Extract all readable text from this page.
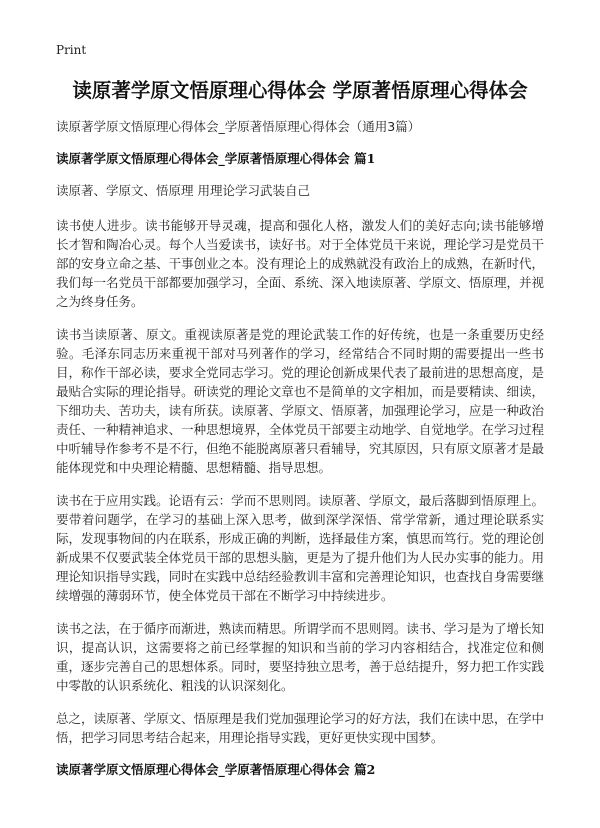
Print
读原著学原文悟原理心得体会 学原著悟原理心得体会
读原著学原文悟原理心得体会_学原著悟原理心得体会（通用3篇）
读原著学原文悟原理心得体会_学原著悟原理心得体会 篇1
读原著、学原文、悟原理 用理论学习武装自己

读书使人进步。读书能够开导灵魂，提高和强化人格，激发人们的美好志向;读书能够增长才智和陶冶心灵。每个人当爱读书，读好书。对于全体党员干来说，理论学习是党员干部的安身立命之基、干事创业之本。没有理论上的成熟就没有政治上的成熟，在新时代，我们每一名党员干部都要加强学习，全面、系统、深入地读原著、学原文、悟原理，并视之为终身任务。

读书当读原著、原文。重视读原著是党的理论武装工作的好传统，也是一条重要历史经验。毛泽东同志历来重视干部对马列著作的学习，经常结合不同时期的需要提出一些书目，称作干部必读，要求全党同志学习。党的理论创新成果代表了最前进的思想高度，是最贴合实际的理论指导。研读党的理论文章也不是简单的文字相加，而是要精读、细读，下细功夫、苦功夫，读有所获。读原著、学原文、悟原著，加强理论学习，应是一种政治责任、一种精神追求、一种思想境界，全体党员干部要主动地学、自觉地学。在学习过程中听辅导作参考不是不行，但绝不能脱离原著只看辅导，究其原因，只有原文原著才是最能体现党和中央理论精髓、思想精髓、指导思想。

读书在于应用实践。论语有云：学而不思则罔。读原著、学原文，最后落脚到悟原理上。要带着问题学，在学习的基础上深入思考，做到深学深悟、常学常新，通过理论联系实际，发现事物间的内在联系，形成正确的判断，选择最佳方案，慎思而笃行。党的理论创新成果不仅要武装全体党员干部的思想头脑，更是为了提升他们为人民办实事的能力。用理论知识指导实践，同时在实践中总结经验教训丰富和完善理论知识，也查找自身需要继续增强的薄弱环节，使全体党员干部在不断学习中持续进步。

读书之法，在于循序而渐进，熟读而精思。所谓学而不思则罔。读书、学习是为了增长知识，提高认识，这需要将之前已经掌握的知识和当前的学习内容相结合，找准定位和侧重，逐步完善自己的思想体系。同时，要坚持独立思考，善于总结提升，努力把工作实践中零散的认识系统化、粗浅的认识深刻化。

总之，读原著、学原文、悟原理是我们党加强理论学习的好方法，我们在读中思，在学中悟，把学习同思考结合起来，用理论指导实践，更好更快实现中国梦。

读原著学原文悟原理心得体会_学原著悟原理心得体会 篇2
